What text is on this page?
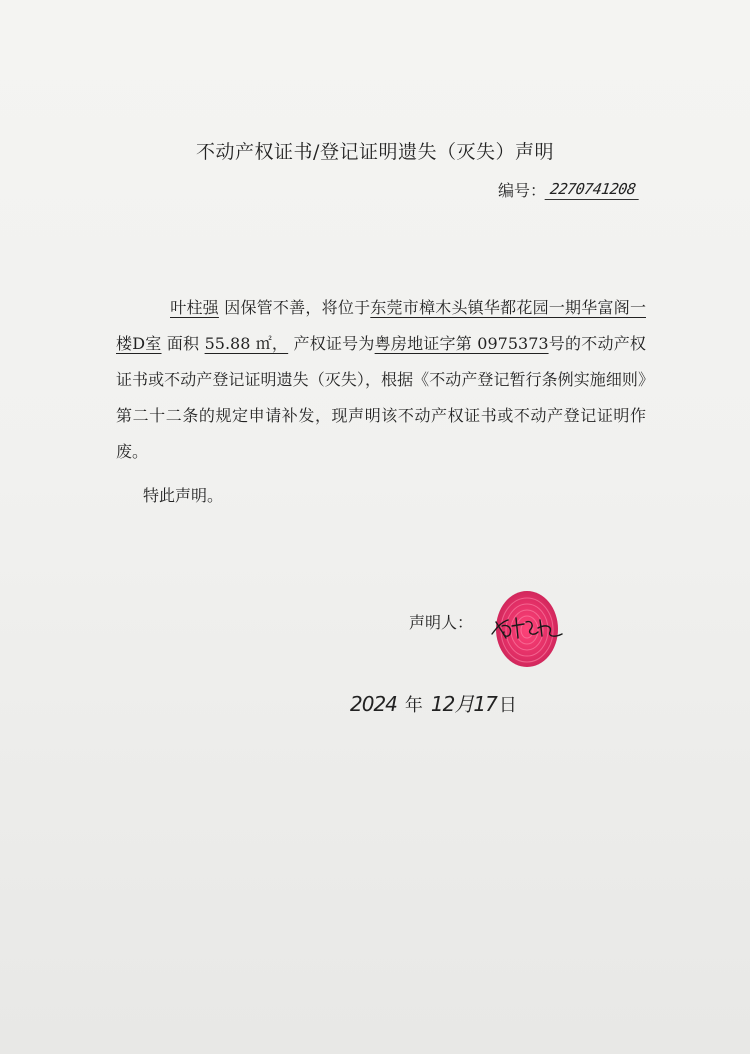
不动产权证书/登记证明遗失（灭失）声明
编号： 2270741208
叶柱强 因保管不善，将位于东莞市樟木头镇华都花园一期华富阁一楼D室 面积 55.88 ㎡， 产权证号为粤房地证字第 0975373号的不动产权证书或不动产登记证明遗失（灭失），根据《不动产登记暂行条例实施细则》第二十二条的规定申请补发，现声明该不动产权证书或不动产登记证明作废。
特此声明。
声明人：
2024 年 12 月 17 日
